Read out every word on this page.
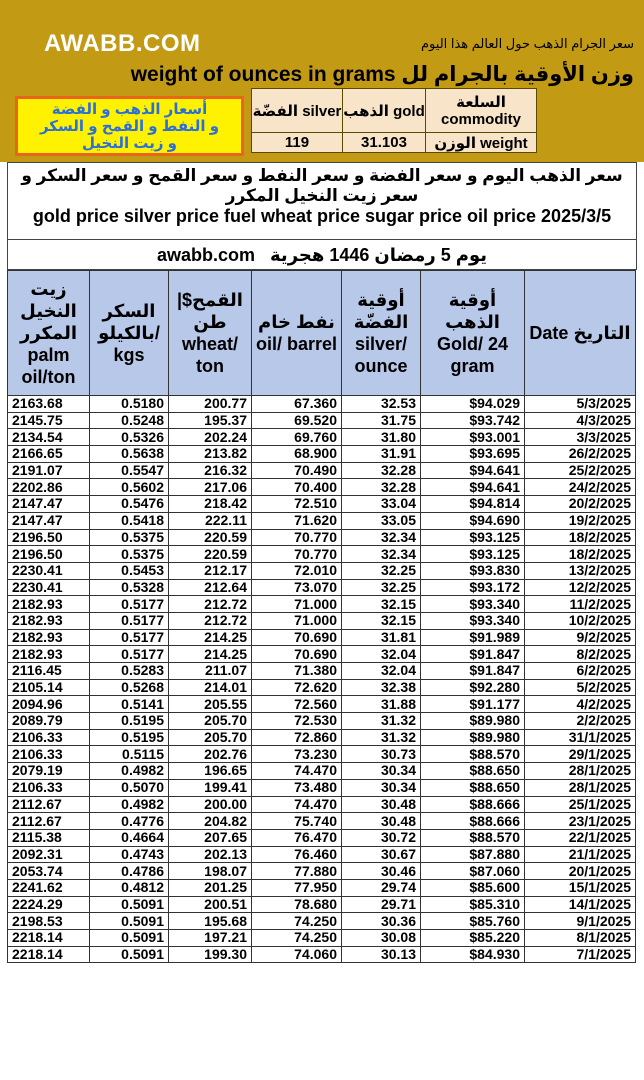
AWABB.COM	سعر الجرام الذهب حول العالم هذا اليوم
وزن الأوقية بالجرام لل weight of ounces in grams
أسعار الذهب و الفضة
و النفط و القمح و السكر
و زيت النخيل
الفضّة silver	الذهب gold	السلعة commodity
119	31.103	الوزن weight
سعر الذهب اليوم و سعر الفضة و سعر النفط و سعر القمح و سعر السكر و سعر زيت النخيل المكرر
gold price silver price fuel wheat price sugar price oil price 2025/3/5
awabb.com يوم 5 رمضان 1446 هجرية
زيت النخيل المكرر palm oil/ton	السكر بالكيلو/ kgs	القمح$| طن wheat/ ton	نفط خام oil/ barrel	أوقية الفضّة silver/ ounce	أوقية الذهب Gold/ 24 gram	التاريخ Date
2163.68	0.5180	200.77	67.360	32.53	$94.029	5/3/2025
2145.75	0.5248	195.37	69.520	31.75	$93.742	4/3/2025
2134.54	0.5326	202.24	69.760	31.80	$93.001	3/3/2025
2166.65	0.5638	213.82	68.900	31.91	$93.695	26/2/2025
2191.07	0.5547	216.32	70.490	32.28	$94.641	25/2/2025
2202.86	0.5602	217.06	70.400	32.28	$94.641	24/2/2025
2147.47	0.5476	218.42	72.510	33.04	$94.814	20/2/2025
2147.47	0.5418	222.11	71.620	33.05	$94.690	19/2/2025
2196.50	0.5375	220.59	70.770	32.34	$93.125	18/2/2025
2196.50	0.5375	220.59	70.770	32.34	$93.125	18/2/2025
2230.41	0.5453	212.17	72.010	32.25	$93.830	13/2/2025
2230.41	0.5328	212.64	73.070	32.25	$93.172	12/2/2025
2182.93	0.5177	212.72	71.000	32.15	$93.340	11/2/2025
2182.93	0.5177	212.72	71.000	32.15	$93.340	10/2/2025
2182.93	0.5177	214.25	70.690	31.81	$91.989	9/2/2025
2182.93	0.5177	214.25	70.690	32.04	$91.847	8/2/2025
2116.45	0.5283	211.07	71.380	32.04	$91.847	6/2/2025
2105.14	0.5268	214.01	72.620	32.38	$92.280	5/2/2025
2094.96	0.5141	205.55	72.560	31.88	$91.177	4/2/2025
2089.79	0.5195	205.70	72.530	31.32	$89.980	2/2/2025
2106.33	0.5195	205.70	72.860	31.32	$89.980	31/1/2025
2106.33	0.5115	202.76	73.230	30.73	$88.570	29/1/2025
2079.19	0.4982	196.65	74.470	30.34	$88.650	28/1/2025
2106.33	0.5070	199.41	73.480	30.34	$88.650	28/1/2025
2112.67	0.4982	200.00	74.470	30.48	$88.666	25/1/2025
2112.67	0.4776	204.82	75.740	30.48	$88.666	23/1/2025
2115.38	0.4664	207.65	76.470	30.72	$88.570	22/1/2025
2092.31	0.4743	202.13	76.460	30.67	$87.880	21/1/2025
2053.74	0.4786	198.07	77.880	30.46	$87.060	20/1/2025
2241.62	0.4812	201.25	77.950	29.74	$85.600	15/1/2025
2224.29	0.5091	200.51	78.680	29.71	$85.310	14/1/2025
2198.53	0.5091	195.68	74.250	30.36	$85.760	9/1/2025
2218.14	0.5091	197.21	74.250	30.08	$85.220	8/1/2025
2218.14	0.5091	199.30	74.060	30.13	$84.930	7/1/2025
